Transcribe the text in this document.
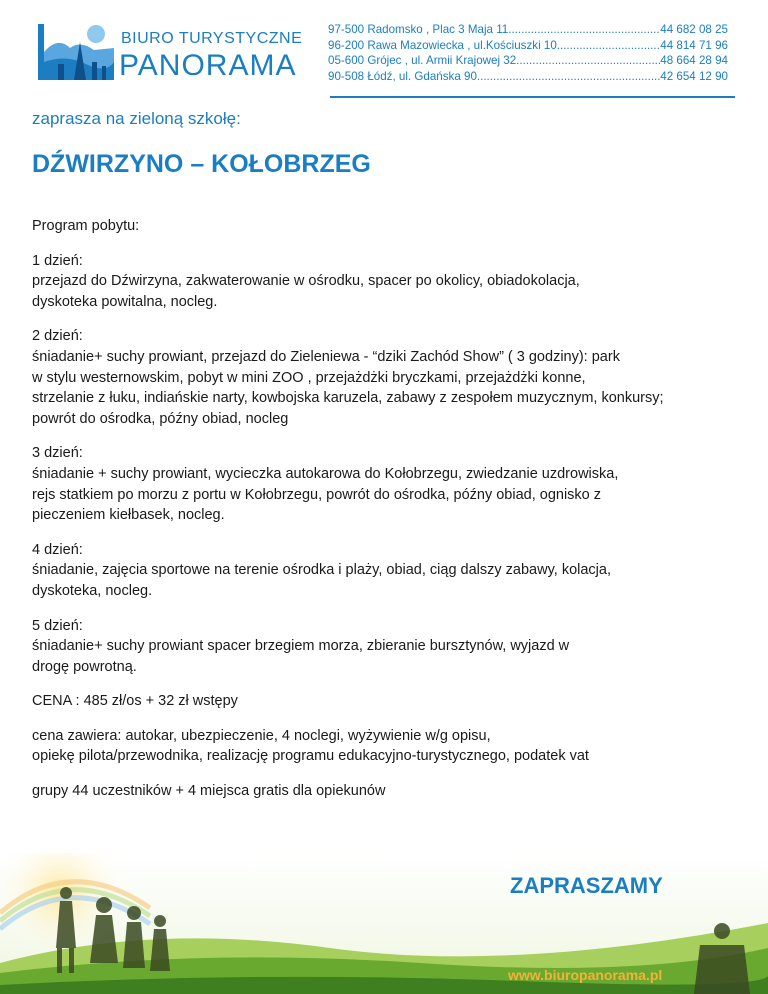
BIURO TURYSTYCZNE
PANORAMA
97-500 Radomsko , Plac 3 Maja 11 .....	44 682 08 25
96-200 Rawa Mazowiecka , ul.Kościuszki 10 .....	44 814 71 96
05-600 Grójec , ul. Armii Krajowej 32 .....	48 664 28 94
90-508 Łódź, ul. Gdańska 90 .....	42 654 12 90
zaprasza na zieloną szkołę:
DŹWIRZYNO – KOŁOBRZEG

Program pobytu:

1 dzień:
przejazd do Dźwirzyna, zakwaterowanie w ośrodku, spacer po okolicy, obiadokolacja,
dyskoteka powitalna, nocleg.

2 dzień:
śniadanie+ suchy prowiant, przejazd do Zieleniewa - “dziki Zachód Show” ( 3 godziny): park
w stylu westernowskim, pobyt w mini ZOO , przejażdżki bryczkami, przejażdżki konne,
strzelanie z łuku, indiańskie narty, kowbojska karuzela, zabawy z zespołem muzycznym, konkursy;
powrót do ośrodka, późny obiad, nocleg

3 dzień:
śniadanie + suchy prowiant, wycieczka autokarowa do Kołobrzegu, zwiedzanie uzdrowiska,
rejs statkiem po morzu z portu w Kołobrzegu, powrót do ośrodka, późny obiad, ognisko z
pieczeniem kiełbasek, nocleg.

4 dzień:
śniadanie, zajęcia sportowe na terenie ośrodka i plaży, obiad, ciąg dalszy zabawy, kolacja,
dyskoteka, nocleg.

5 dzień:
śniadanie+ suchy prowiant spacer brzegiem morza, zbieranie bursztynów, wyjazd w
drogę powrotną.

CENA : 485 zł/os + 32 zł wstępy

cena zawiera: autokar, ubezpieczenie, 4 noclegi, wyżywienie w/g opisu,
opiekę pilota/przewodnika, realizację programu edukacyjno-turystycznego, podatek vat

grupy 44 uczestników + 4 miejsca gratis dla opiekunów

ZAPRASZAMY
www.biuropanorama.pl
